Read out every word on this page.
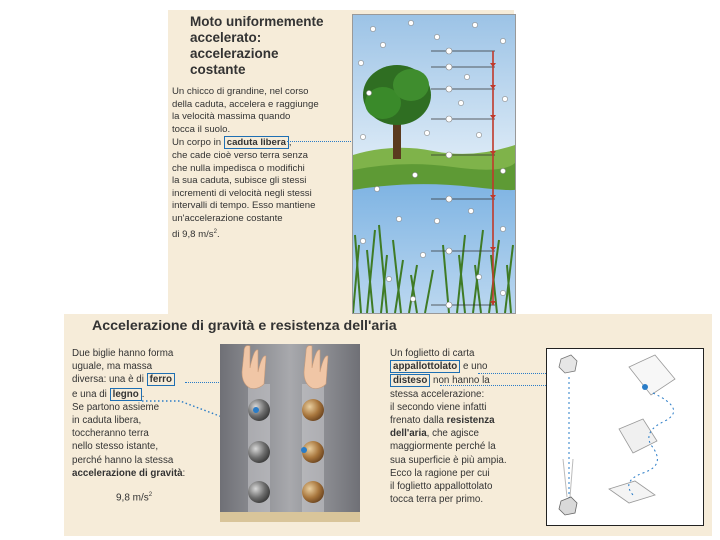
Moto uniformemente
accelerato:
accelerazione
costante
Un chicco di grandine, nel corso
della caduta, accelera e raggiunge
la velocità massima quando
tocca il suolo.
Un corpo in caduta libera ,
che cade cioè verso terra senza
che nulla impedisca o modifichi
la sua caduta, subisce gli stessi
incrementi di velocità negli stessi
intervalli di tempo. Esso mantiene
un'accelerazione costante
di 9,8 $m/s^2$.
Accelerazione di gravità e resistenza dell'aria
Due biglie hanno forma
uguale, ma massa
diversa: una è di ferro
e una di legno .
Se partono assieme
in caduta libera,
toccheranno terra
nello stesso istante,
perché hanno la stessa
accelerazione di gravità:
9,8 $m/s^2$
Un foglietto di carta
appallottolato e uno
disteso non hanno la
stessa accelerazione:
il secondo viene infatti
frenato dalla resistenza
dell'aria, che agisce
maggiormente perché la
sua superficie è più ampia.
Ecco la ragione per cui
il foglietto appallottolato
tocca terra per primo.
